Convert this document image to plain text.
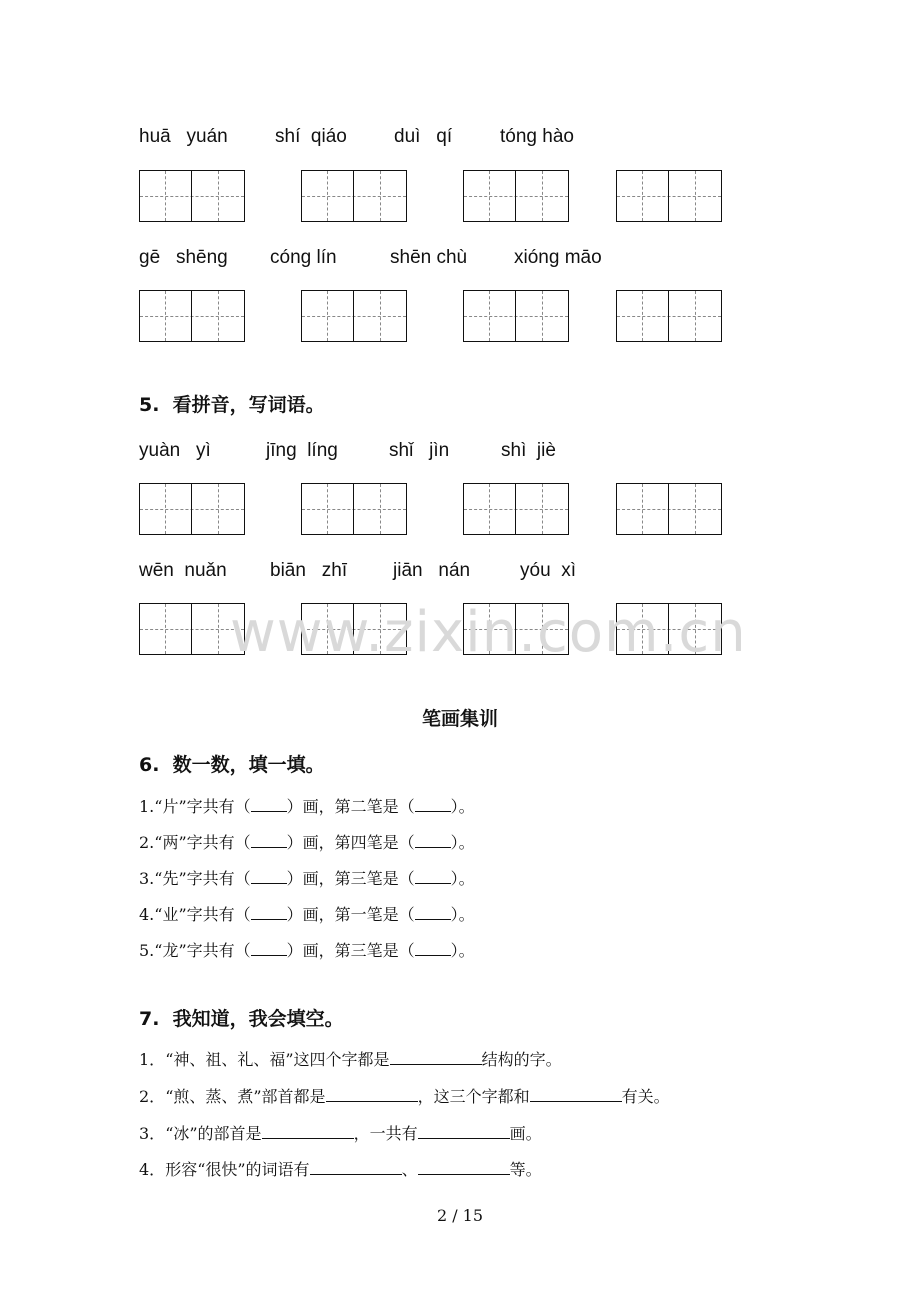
huā   yuán shí  qiáo duì   qí	tóng hào
gē   shēng cóng lín	shēn chù xióng māo
5.  看拼音，写词语。
yuàn   yì	jīng  líng	shǐ   jìn	shì  jiè
wēn  nuǎn biān   zhī jiān   nán	yóu  xì
www.zixin.com.cn
笔画集训
6.  数一数，填一填。
1.“片”字共有（ ）画，第二笔是（ ）。
2.“两”字共有（ ）画，第四笔是（ ）。
3.“先”字共有（ ）画，第三笔是（ ）。
4.“业”字共有（ ）画，第一笔是（ ）。
5.“龙”字共有（ ）画，第三笔是（ ）。
7.  我知道，我会填空。
1．“神、祖、礼、福”这四个字都是	结构的字。
2．“煎、蒸、煮”部首都是	，这三个字都和	有关。
3．“冰”的部首是	，一共有	画。
4．形容“很快”的词语有	、	等。
2 / 15
